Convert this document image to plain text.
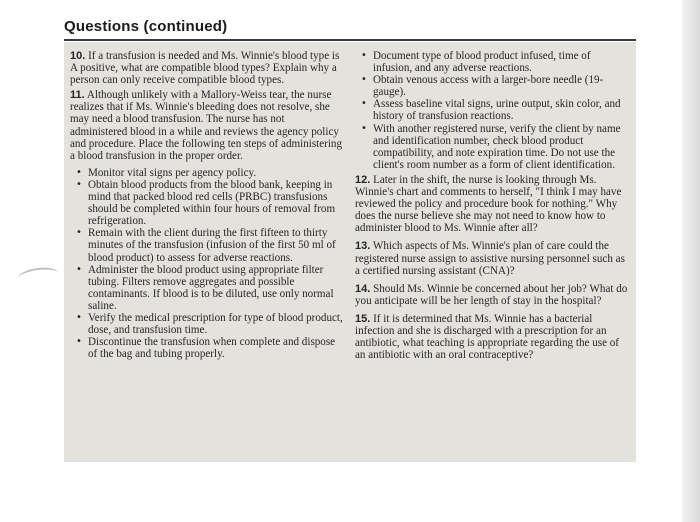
Questions (continued)

10. If a transfusion is needed and Ms. Winnie's blood type is A positive, what are compatible blood types? Explain why a person can only receive compatible blood types.

11. Although unlikely with a Mallory-Weiss tear, the nurse realizes that if Ms. Winnie's bleeding does not resolve, she may need a blood transfusion. The nurse has not administered blood in a while and reviews the agency policy and procedure. Place the following ten steps of administering a blood transfusion in the proper order.

• Monitor vital signs per agency policy.
• Obtain blood products from the blood bank, keeping in mind that packed blood red cells (PRBC) transfusions should be completed within four hours of removal from refrigeration.
• Remain with the client during the first fifteen to thirty minutes of the transfusion (infusion of the first 50 ml of blood product) to assess for adverse reactions.
• Administer the blood product using appropriate filter tubing. Filters remove aggregates and possible contaminants. If blood is to be diluted, use only normal saline.
• Verify the medical prescription for type of blood product, dose, and transfusion time.
• Discontinue the transfusion when complete and dispose of the bag and tubing properly.
• Document type of blood product infused, time of infusion, and any adverse reactions.
• Obtain venous access with a larger-bore needle (19-gauge).
• Assess baseline vital signs, urine output, skin color, and history of transfusion reactions.
• With another registered nurse, verify the client by name and identification number, check blood product compatibility, and note expiration time. Do not use the client's room number as a form of client identification.

12. Later in the shift, the nurse is looking through Ms. Winnie's chart and comments to herself, "I think I may have reviewed the policy and procedure book for nothing." Why does the nurse believe she may not need to know how to administer blood to Ms. Winnie after all?

13. Which aspects of Ms. Winnie's plan of care could the registered nurse assign to assistive nursing personnel such as a certified nursing assistant (CNA)?

14. Should Ms. Winnie be concerned about her job? What do you anticipate will be her length of stay in the hospital?

15. If it is determined that Ms. Winnie has a bacterial infection and she is discharged with a prescription for an antibiotic, what teaching is appropriate regarding the use of an antibiotic with an oral contraceptive?
